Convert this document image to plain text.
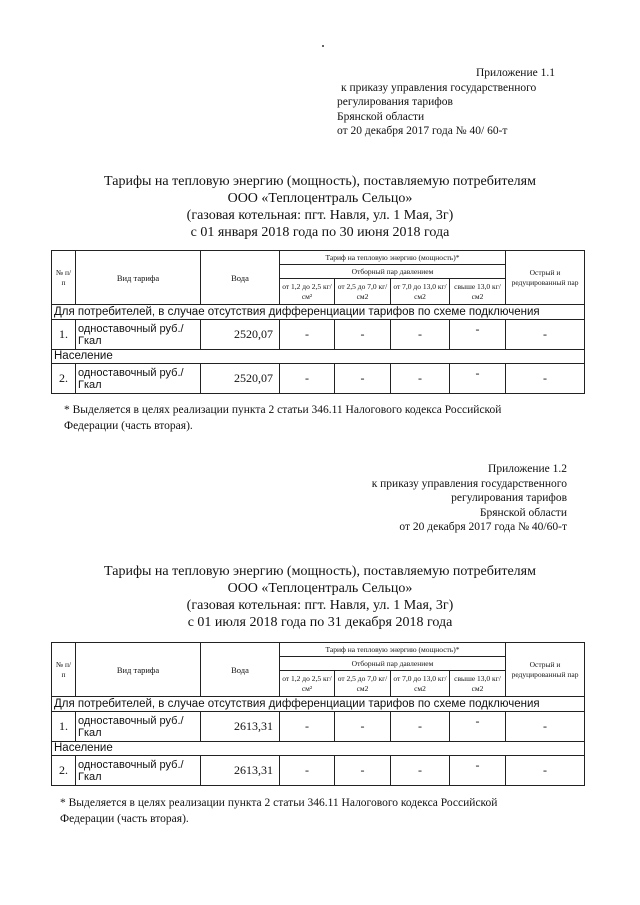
Приложение 1.1
к приказу управления государственного
регулирования тарифов
Брянской области
от 20 декабря 2017 года № 40/ 60-т
Тарифы на тепловую энергию (мощность), поставляемую потребителям
ООО «Теплоцентраль Сельцо»
(газовая котельная: пгт. Навля, ул. 1 Мая, 3г)
с 01 января 2018 года по 30 июня 2018 года
№ п/ п	Вид тарифа	Вода	Тариф на тепловую энергию (мощность)*				Острый и редуцированный пар
			Отборный пар давлением				
			от 1,2 до 2,5 кг/см²	от 2,5 до 7,0 кг/см2	от 7,0 до 13,0 кг/см2	свыше 13,0 кг/см2	
Для потребителей, в случае отсутствия дифференциации тарифов по схеме подключения							
1.	одноставочный руб./Гкал	2520,07	-	-	-	-	-
Население							
2.	одноставочный руб./Гкал	2520,07	-	-	-	-	-
* Выделяется в целях реализации пункта 2 статьи 346.11 Налогового кодекса Российской
Федерации (часть вторая).
Приложение 1.2
к приказу управления государственного
регулирования тарифов
Брянской области
от 20 декабря 2017 года № 40/60-т
Тарифы на тепловую энергию (мощность), поставляемую потребителям
ООО «Теплоцентраль Сельцо»
(газовая котельная: пгт. Навля, ул. 1 Мая, 3г)
с 01 июля 2018 года по 31 декабря 2018 года
№ п/ п	Вид тарифа	Вода	Тариф на тепловую энергию (мощность)*				Острый и редуцированный пар
			Отборный пар давлением				
			от 1,2 до 2,5 кг/см²	от 2,5 до 7,0 кг/см2	от 7,0 до 13,0 кг/см2	свыше 13,0 кг/см2	
Для потребителей, в случае отсутствия дифференциации тарифов по схеме подключения							
1.	одноставочный руб./Гкал	2613,31	-	-	-	-	-
Население							
2.	одноставочный руб./Гкал	2613,31	-	-	-	-	-
* Выделяется в целях реализации пункта 2 статьи 346.11 Налогового кодекса Российской
Федерации (часть вторая).
